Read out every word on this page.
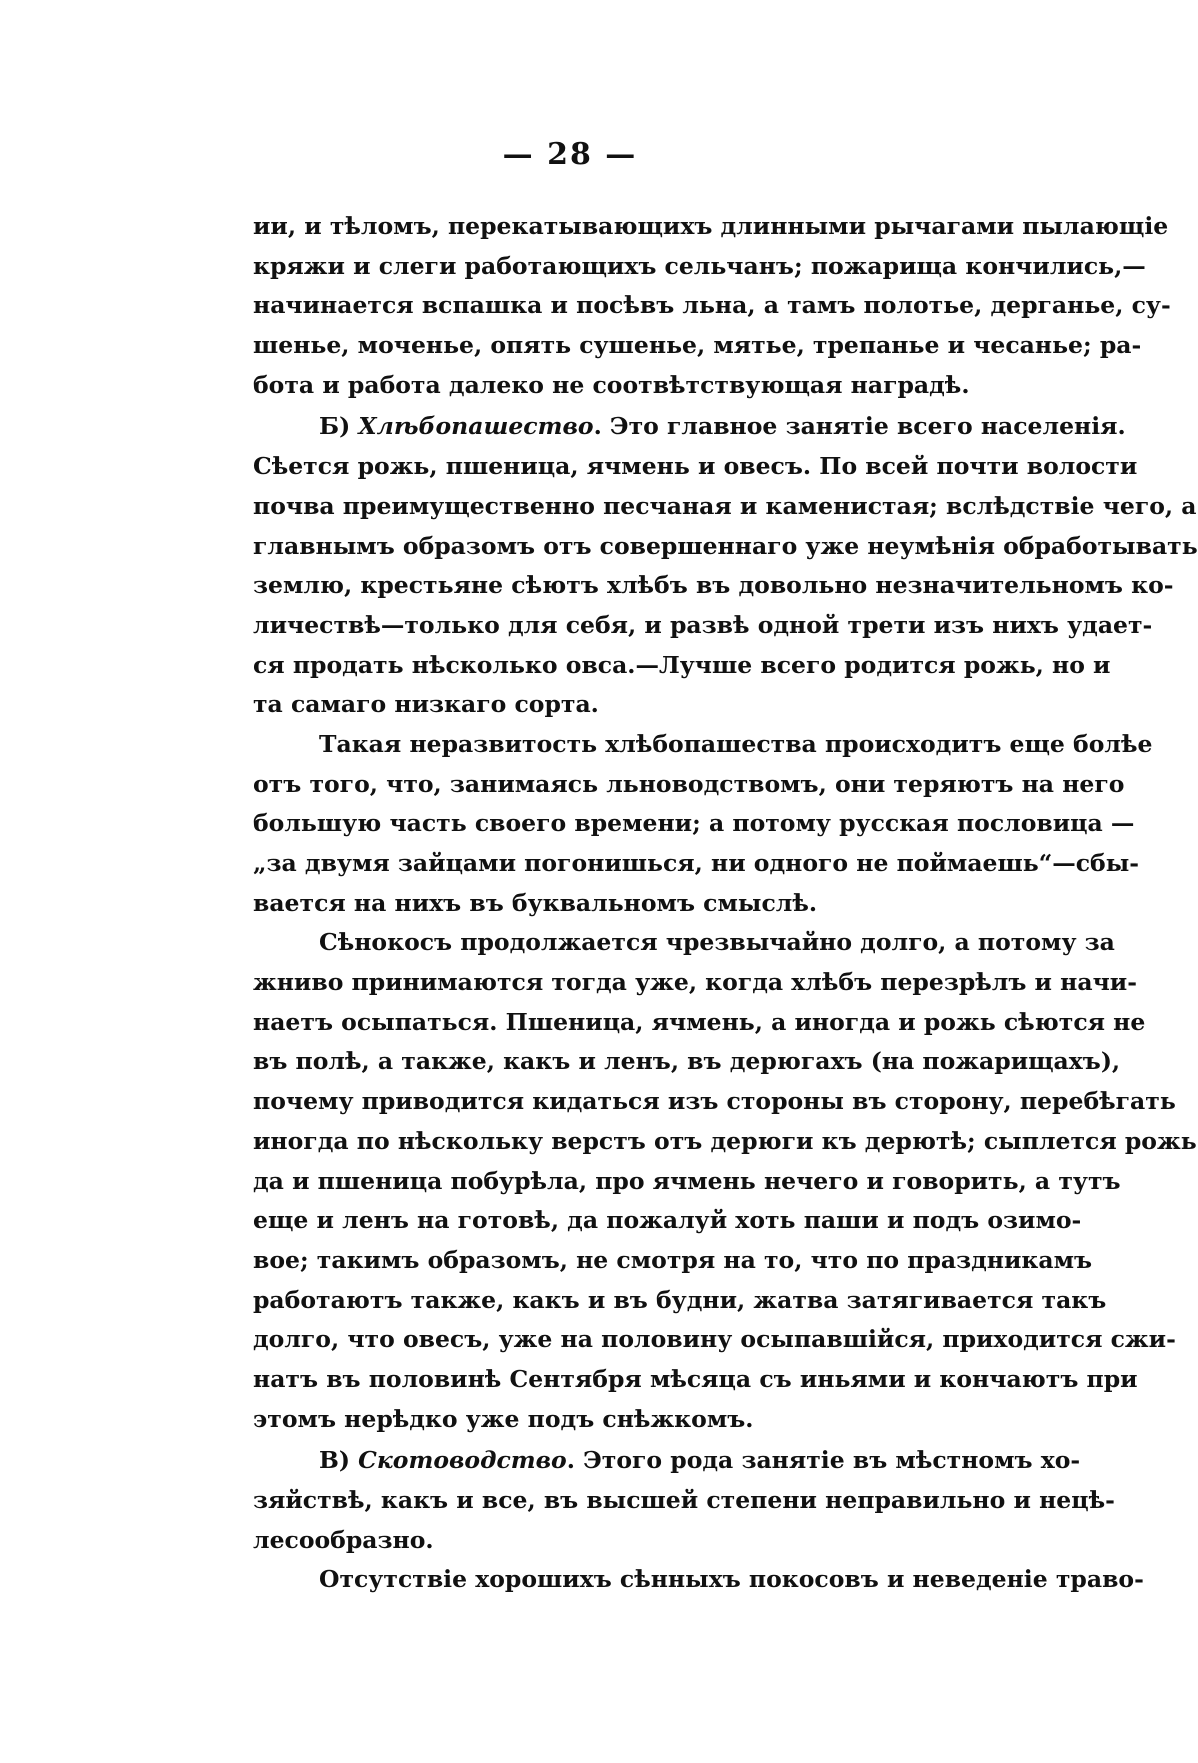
— 28 —
ии, и тѣломъ, перекатывающихъ длинными рычагами пылающіе
кряжи и слеги работающихъ сельчанъ; пожарища кончились,—
начинается вспашка и посѣвъ льна, а тамъ полотье, дерганье, су-
шенье, моченье, опять сушенье, мятье, трепанье и чесанье; ра-
бота и работа далеко не соотвѣтствующая наградѣ.
Б) Хлѣбопашество. Это главное занятіе всего населенія.
Сѣется рожь, пшеница, ячмень и овесъ. По всей почти волости
почва преимущественно песчаная и каменистая; вслѣдствіе чего, а
главнымъ образомъ отъ совершеннаго уже неумѣнія обработывать
землю, крестьяне сѣютъ хлѣбъ въ довольно незначительномъ ко-
личествѣ—только для себя, и развѣ одной трети изъ нихъ удает-
ся продать нѣсколько овса.—Лучше всего родится рожь, но и
та самаго низкаго сорта.
Такая неразвитость хлѣбопашества происходитъ еще болѣе
отъ того, что, занимаясь льноводствомъ, они теряютъ на него
большую часть своего времени; а потому русская пословица —
„за двумя зайцами погонишься, ни одного не поймаешь“—сбы-
вается на нихъ въ буквальномъ смыслѣ.
Сѣнокосъ продолжается чрезвычайно долго, а потому за
жниво принимаются тогда уже, когда хлѣбъ перезрѣлъ и начи-
наетъ осыпаться. Пшеница, ячмень, а иногда и рожь сѣются не
въ полѣ, а также, какъ и ленъ, въ дерюгахъ (на пожарищахъ),
почему приводится кидаться изъ стороны въ сторону, перебѣгать
иногда по нѣскольку верстъ отъ дерюги къ дерютѣ; сыплется рожь
да и пшеница побурѣла, про ячмень нечего и говорить, а тутъ
еще и ленъ на готовѣ, да пожалуй хоть паши и подъ озимо-
вое; такимъ образомъ, не смотря на то, что по праздникамъ
работаютъ также, какъ и въ будни, жатва затягивается такъ
долго, что овесъ, уже на половину осыпавшійся, приходится сжи-
натъ въ половинѣ Сентября мѣсяца съ иньями и кончаютъ при
этомъ нерѣдко уже подъ снѣжкомъ.
В) Скотоводство. Этого рода занятіе въ мѣстномъ хо-
зяйствѣ, какъ и все, въ высшей степени неправильно и нецѣ-
лесообразно.
Отсутствіе хорошихъ сѣнныхъ покосовъ и неведеніе траво-
